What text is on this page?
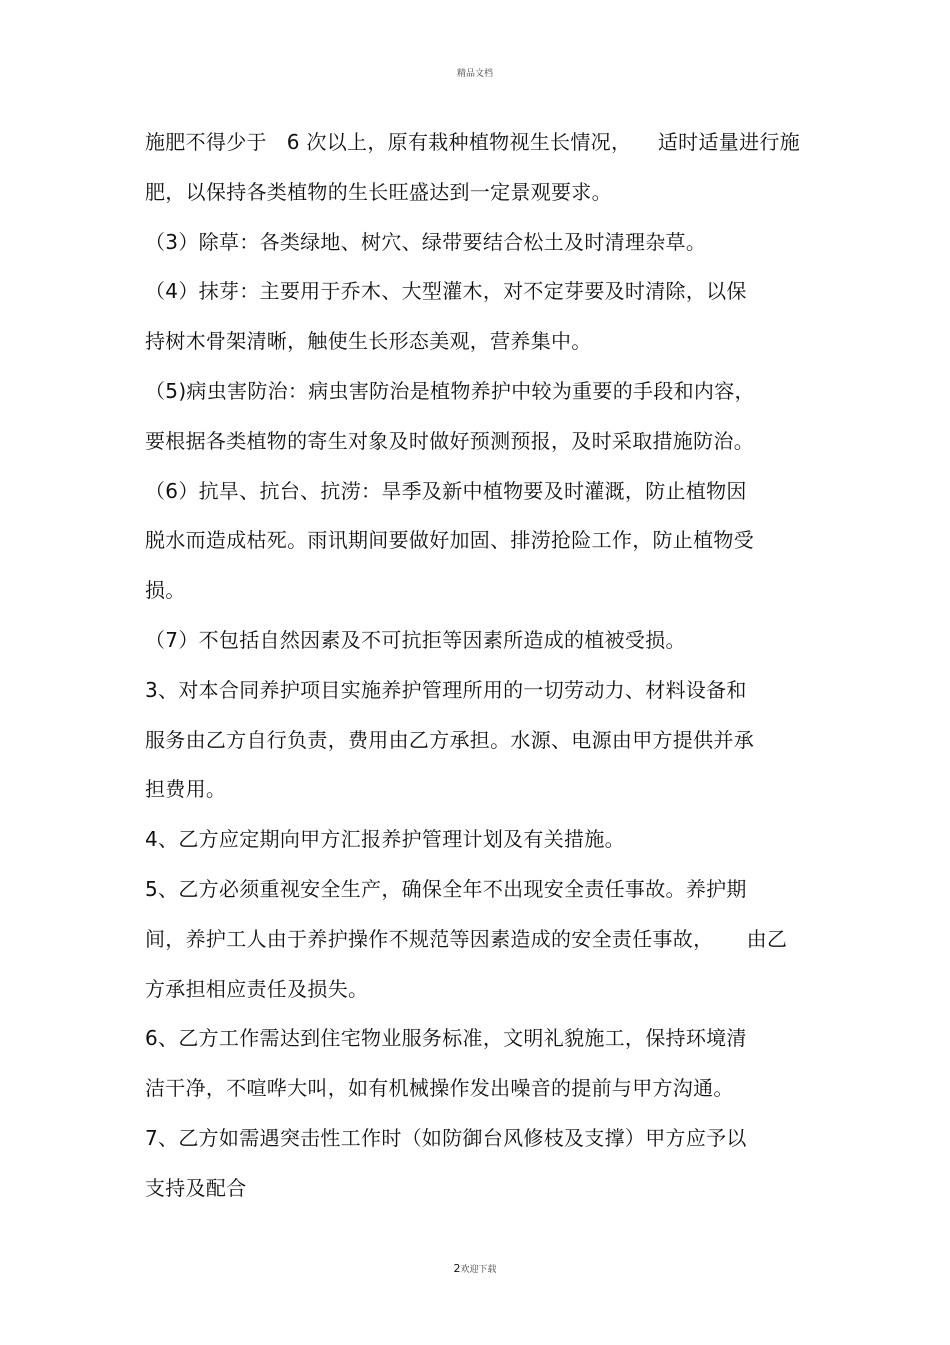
精品文档
施肥不得少于   6 次以上，原有栽种植物视生长情况，    适时适量进行施
肥，以保持各类植物的生长旺盛达到一定景观要求。
（3）除草：各类绿地、树穴、绿带要结合松土及时清理杂草。
（4）抹芽：主要用于乔木、大型灌木，对不定芽要及时清除，以保
持树木骨架清晰，触使生长形态美观，营养集中。
（5)病虫害防治：病虫害防治是植物养护中较为重要的手段和内容，
要根据各类植物的寄生对象及时做好预测预报，及时采取措施防治。
（6）抗旱、抗台、抗涝：旱季及新中植物要及时灌溉，防止植物因
脱水而造成枯死。雨讯期间要做好加固、排涝抢险工作，防止植物受
损。
（7）不包括自然因素及不可抗拒等因素所造成的植被受损。
3、对本合同养护项目实施养护管理所用的一切劳动力、材料设备和
服务由乙方自行负责，费用由乙方承担。水源、电源由甲方提供并承
担费用。
4、乙方应定期向甲方汇报养护管理计划及有关措施。
5、乙方必须重视安全生产，确保全年不出现安全责任事故。养护期
间，养护工人由于养护操作不规范等因素造成的安全责任事故，     由乙
方承担相应责任及损失。
6、乙方工作需达到住宅物业服务标准，文明礼貌施工，保持环境清
洁干净，不喧哗大叫，如有机械操作发出噪音的提前与甲方沟通。
7、乙方如需遇突击性工作时（如防御台风修枝及支撑）甲方应予以
支持及配合
2欢迎下载
